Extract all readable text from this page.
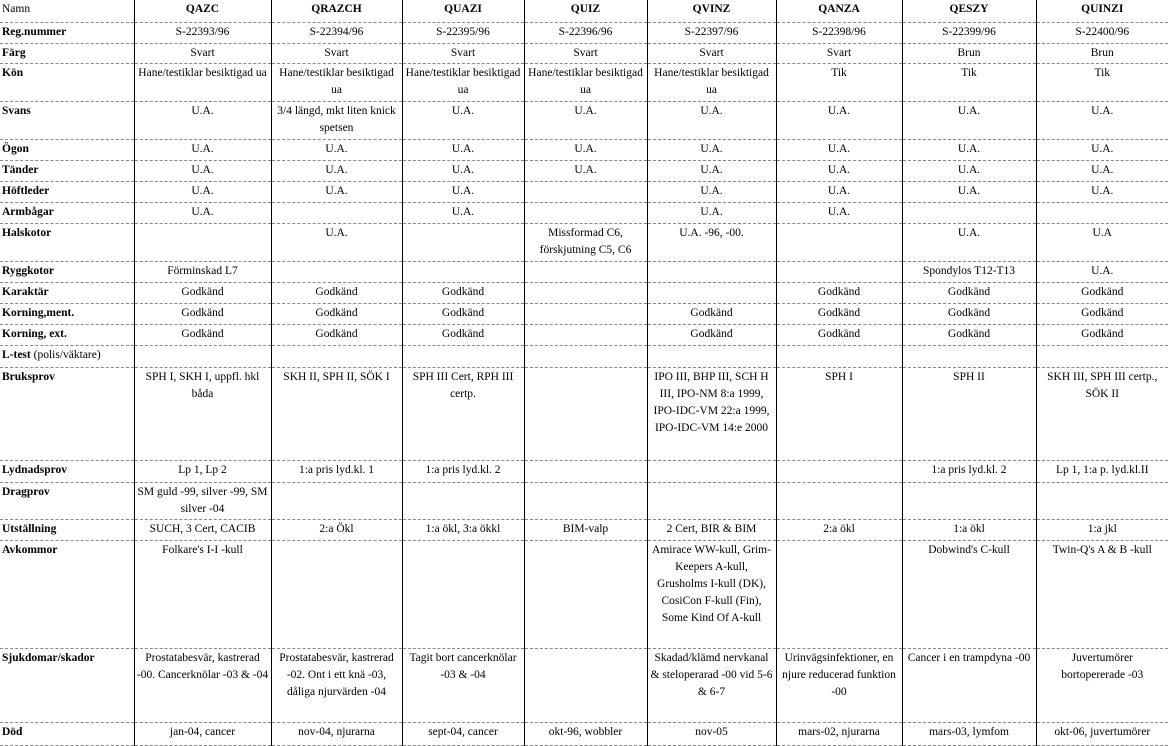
Namn	QAZC	QRAZCH	QUAZI	QUIZ	QVINZ	QANZA	QESZY	QUINZI
Reg.nummer	S-22393/96	S-22394/96	S-22395/96	S-22396/96	S-22397/96	S-22398/96	S-22399/96	S-22400/96
Färg	Svart	Svart	Svart	Svart	Svart	Svart	Brun	Brun
Kön	Hane/testiklar besiktigad ua	Hane/testiklar besiktigad ua	Hane/testiklar besiktigad ua	Hane/testiklar besiktigad ua	Hane/testiklar besiktigad ua	Tik	Tik	Tik
Svans	U.A.	3/4 längd, mkt liten knick spetsen	U.A.	U.A.	U.A.	U.A.	U.A.	U.A.
Ögon	U.A.	U.A.	U.A.	U.A.	U.A.	U.A.	U.A.	U.A.
Tänder	U.A.	U.A.	U.A.	U.A.	U.A.	U.A.	U.A.	U.A.
Höftleder	U.A.	U.A.	U.A.		U.A.	U.A.	U.A.	U.A.
Armbågar	U.A.		U.A.		U.A.	U.A.		
Halskotor		U.A.		Missformad C6, förskjutning C5, C6	U.A. -96, -00.		U.A.	U.A
Ryggkotor	Förminskad L7						Spondylos T12-T13	U.A.
Karaktär	Godkänd	Godkänd	Godkänd			Godkänd	Godkänd	Godkänd
Korning,ment.	Godkänd	Godkänd	Godkänd		Godkänd	Godkänd	Godkänd	Godkänd
Korning, ext.	Godkänd	Godkänd	Godkänd		Godkänd	Godkänd	Godkänd	Godkänd
L-test (polis/väktare)								
Bruksprov	SPH I, SKH I, uppfl. hkl båda	SKH II, SPH II, SÖK I	SPH III Cert, RPH III certp.		IPO III, BHP III, SCH H III, IPO-NM 8:a 1999, IPO-IDC-VM 22:a 1999, IPO-IDC-VM 14:e 2000	SPH I	SPH II	SKH III, SPH III certp., SÖK II
Lydnadsprov	Lp 1, Lp 2	1:a pris lyd.kl. 1	1:a pris lyd.kl. 2				1:a pris lyd.kl. 2	Lp 1, 1:a p. lyd.kl.II
Dragprov	SM guld -99, silver -99, SM silver -04							
Utställning	SUCH, 3 Cert, CACIB	2:a Ökl	1:a ökl, 3:a ökkl	BIM-valp	2 Cert, BIR & BIM	2:a ökl	1:a ökl	1:a jkl
Avkommor	Folkare's I-I -kull				Amirace WW-kull, Grim-Keepers A-kull, Grusholms I-kull (DK), CosiCon F-kull (Fin), Some Kind Of A-kull		Dobwind's C-kull	Twin-Q's A & B -kull
Sjukdomar/skador	Prostatabesvär, kastrerad -00. Cancerknölar -03 & -04	Prostatabesvär, kastrerad -02. Ont i ett knä -03, dåliga njurvärden -04	Tagit bort cancerknölar -03 & -04		Skadad/klämd nervkanal & steloperarad -00 vid 5-6 & 6-7	Urinvägsinfektioner, en njure reducerad funktion -00	Cancer i en trampdyna -00	Juvertumörer bortopererade -03
Död	jan-04, cancer	nov-04, njurarna	sept-04, cancer	okt-96, wobbler	nov-05	mars-02, njurarna	mars-03, lymfom	okt-06, juvertumörer
